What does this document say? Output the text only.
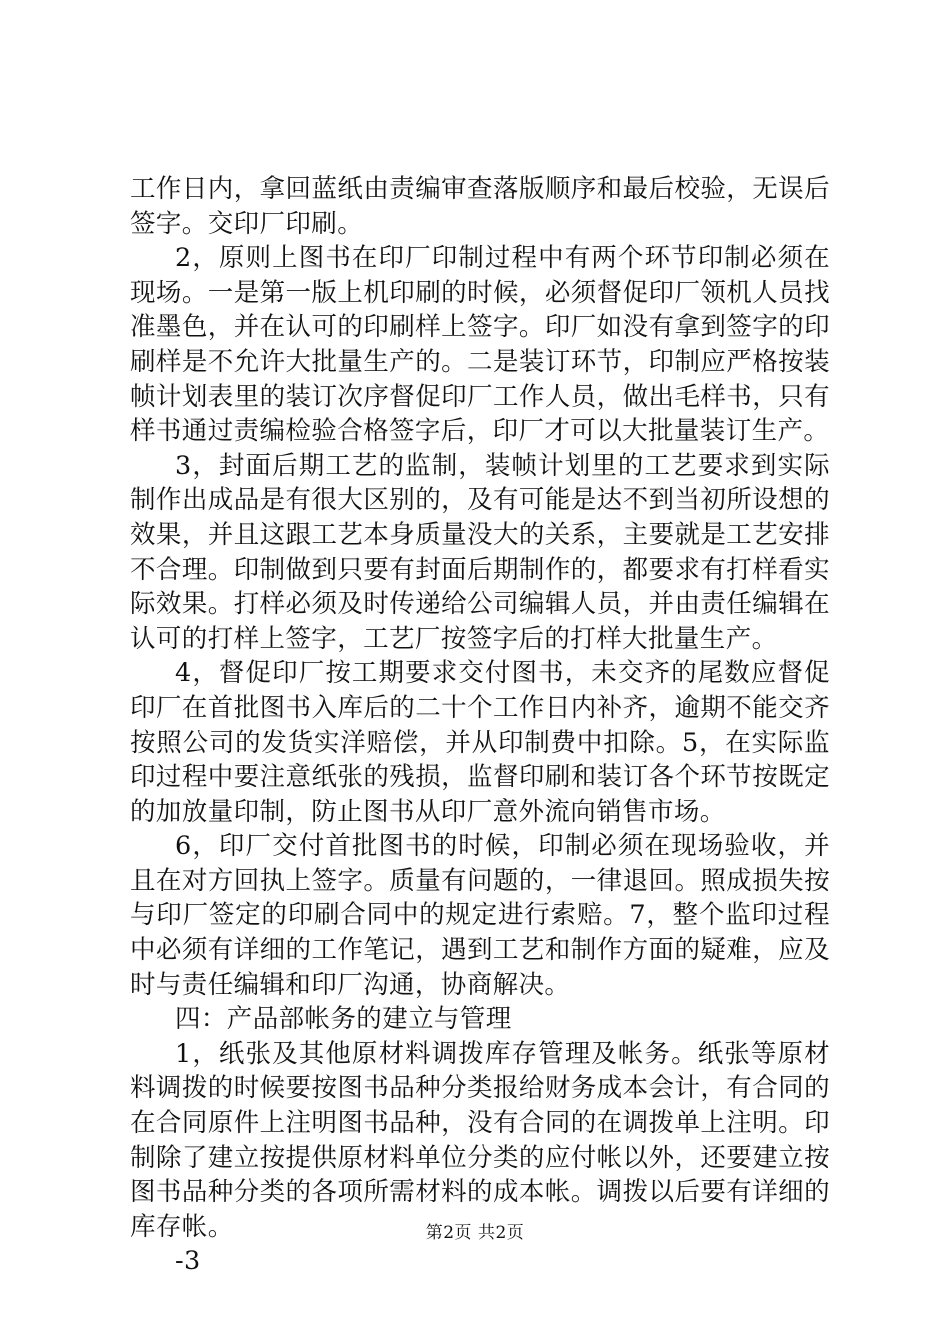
工作日内，拿回蓝纸由责编审查落版顺序和最后校验，无误后签字。交印厂印刷。

2，原则上图书在印厂印制过程中有两个环节印制必须在现场。一是第一版上机印刷的时候，必须督促印厂领机人员找准墨色，并在认可的印刷样上签字。印厂如没有拿到签字的印刷样是不允许大批量生产的。二是装订环节，印制应严格按装帧计划表里的装订次序督促印厂工作人员，做出毛样书，只有样书通过责编检验合格签字后，印厂才可以大批量装订生产。

3，封面后期工艺的监制，装帧计划里的工艺要求到实际制作出成品是有很大区别的，及有可能是达不到当初所设想的效果，并且这跟工艺本身质量没大的关系，主要就是工艺安排不合理。印制做到只要有封面后期制作的，都要求有打样看实际效果。打样必须及时传递给公司编辑人员，并由责任编辑在认可的打样上签字，工艺厂按签字后的打样大批量生产。

4，督促印厂按工期要求交付图书，未交齐的尾数应督促印厂在首批图书入库后的二十个工作日内补齐，逾期不能交齐按照公司的发货实洋赔偿，并从印制费中扣除。5，在实际监印过程中要注意纸张的残损，监督印刷和装订各个环节按既定的加放量印制，防止图书从印厂意外流向销售市场。

6，印厂交付首批图书的时候，印制必须在现场验收，并且在对方回执上签字。质量有问题的，一律退回。照成损失按与印厂签定的印刷合同中的规定进行索赔。7，整个监印过程中必须有详细的工作笔记，遇到工艺和制作方面的疑难，应及时与责任编辑和印厂沟通，协商解决。

四：产品部帐务的建立与管理

1，纸张及其他原材料调拨库存管理及帐务。纸张等原材料调拨的时候要按图书品种分类报给财务成本会计，有合同的在合同原件上注明图书品种，没有合同的在调拨单上注明。印制除了建立按提供原材料单位分类的应付帐以外，还要建立按图书品种分类的各项所需材料的成本帐。调拨以后要有详细的库存帐。

-3

第2页 共2页
